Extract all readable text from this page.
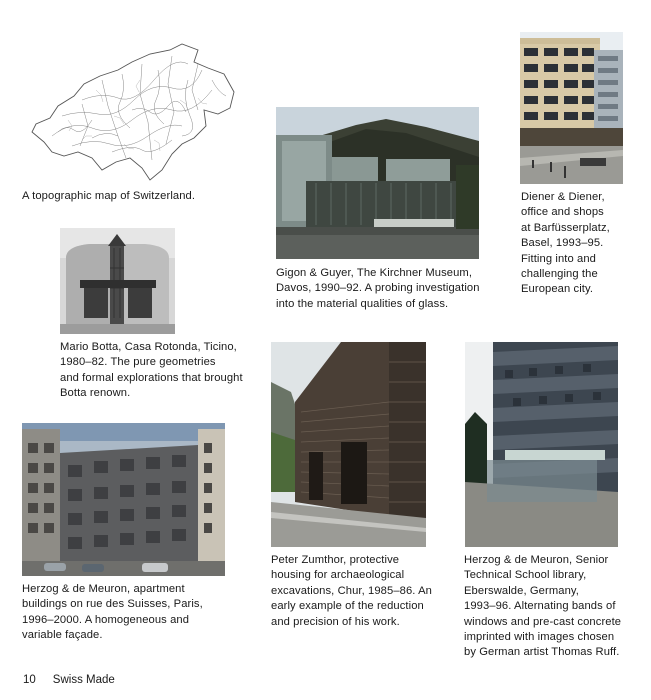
A topographic map of Switzerland.
Gigon & Guyer, The Kirchner Museum,
Davos, 1990–92. A probing investigation
into the material qualities of glass.
Diener & Diener,
office and shops
at Barfüsserplatz,
Basel, 1993–95.
Fitting into and
challenging the
European city.
Mario Botta, Casa Rotonda, Ticino,
1980–82. The pure geometries
and formal explorations that brought
Botta renown.
Peter Zumthor, protective
housing for archaeological
excavations, Chur, 1985–86. An
early example of the reduction
and precision of his work.
Herzog & de Meuron, apartment
buildings on rue des Suisses, Paris,
1996–2000. A homogeneous and
variable façade.
Herzog & de Meuron, Senior
Technical School library,
Eberswalde, Germany,
1993–96. Alternating bands of
windows and pre-cast concrete
imprinted with images chosen
by German artist Thomas Ruff.
10 Swiss Made
